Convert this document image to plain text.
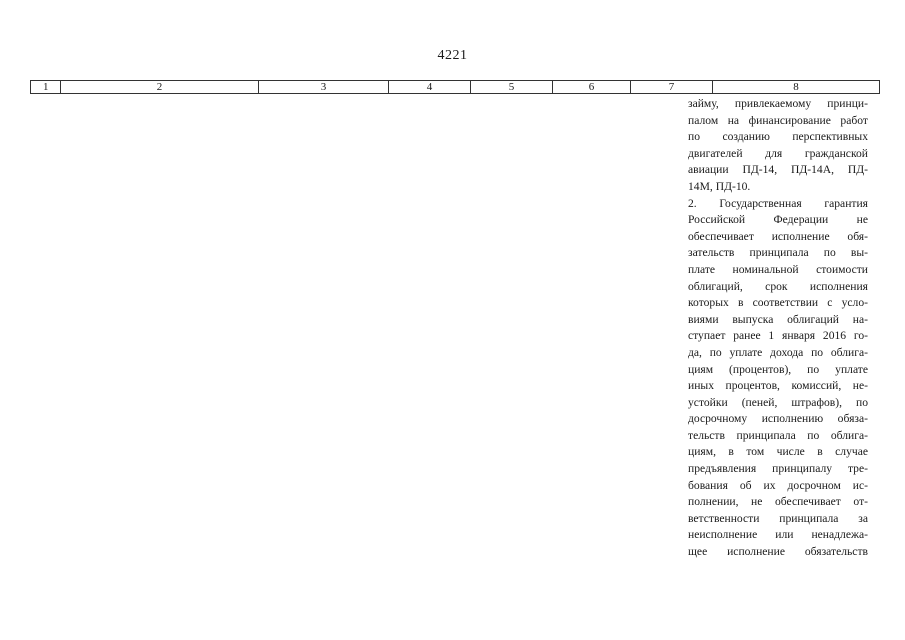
4221
1	2	3	4	5	6	7	8
займу, привлекаемому принци-
палом на финансирование работ
по созданию перспективных
двигателей для гражданской
авиации ПД-14, ПД-14А, ПД-
14М, ПД-10.
2. Государственная гарантия
Российской Федерации не
обеспечивает исполнение обя-
зательств принципала по вы-
плате номинальной стоимости
облигаций, срок исполнения
которых в соответствии с усло-
виями выпуска облигаций на-
ступает ранее 1 января 2016 го-
да, по уплате дохода по облига-
циям (процентов), по уплате
иных процентов, комиссий, не-
устойки (пеней, штрафов), по
досрочному исполнению обяза-
тельств принципала по облига-
циям, в том числе в случае
предъявления принципалу тре-
бования об их досрочном ис-
полнении, не обеспечивает от-
ветственности принципала за
неисполнение или ненадлежа-
щее исполнение обязательств
